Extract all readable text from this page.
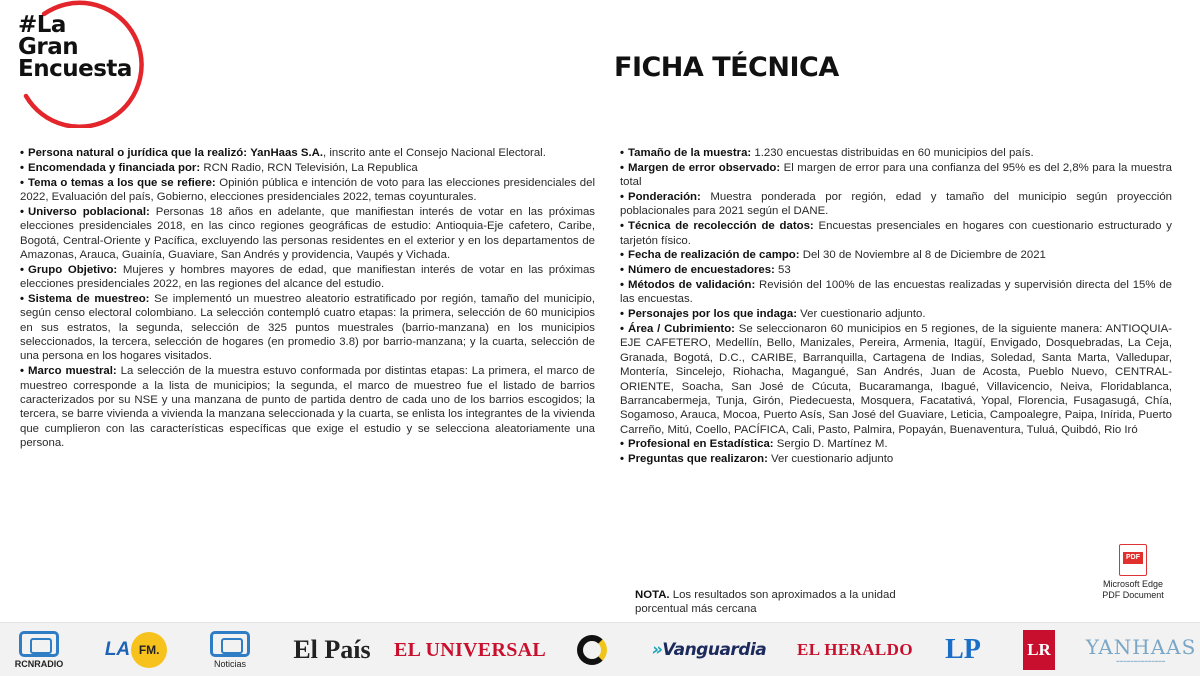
#La
Gran
Encuesta	FICHA TÉCNICA
• Persona natural o jurídica que la realizó: YanHaas S.A., inscrito ante el Consejo Nacional Electoral.
• Encomendada y financiada por: RCN Radio, RCN Televisión, La Republica
• Tema o temas a los que se refiere: Opinión pública e intención de voto para las elecciones presidenciales del 2022, Evaluación del país, Gobierno, elecciones presidenciales 2022, temas coyunturales.
• Universo poblacional: Personas 18 años en adelante, que manifiestan interés de votar en las próximas elecciones presidenciales 2018, en las cinco regiones geográficas de estudio: Antioquia-Eje cafetero, Caribe, Bogotá, Central-Oriente y Pacífica, excluyendo las personas residentes en el exterior y en los departamentos de Amazonas, Arauca, Guainía, Guaviare, San Andrés y providencia, Vaupés y Vichada.
• Grupo Objetivo: Mujeres y hombres mayores de edad, que manifiestan interés de votar en las próximas elecciones presidenciales 2022, en las regiones del alcance del estudio.
• Sistema de muestreo: Se implementó un muestreo aleatorio estratificado por región, tamaño del municipio, según censo electoral colombiano. La selección contempló cuatro etapas: la primera, selección de 60 municipios en sus estratos, la segunda, selección de 325 puntos muestrales (barrio-manzana) en los municipios seleccionados, la tercera, selección de hogares (en promedio 3.8) por barrio-manzana; y la cuarta, selección de una persona en los hogares visitados.
• Marco muestral: La selección de la muestra estuvo conformada por distintas etapas: La primera, el marco de muestreo corresponde a la lista de municipios; la segunda, el marco de muestreo fue el listado de barrios caracterizados por su NSE y una manzana de punto de partida dentro de cada uno de los barrios escogidos; la tercera, se barre vivienda a vivienda la manzana seleccionada y la cuarta, se enlista los integrantes de la vivienda que cumplieron con las características específicas que exige el estudio y se selecciona aleatoriamente una persona.
• Tamaño de la muestra: 1.230 encuestas distribuidas en 60 municipios del país.
• Margen de error observado: El margen de error para una confianza del 95% es del 2,8% para la muestra total
• Ponderación: Muestra ponderada por región, edad y tamaño del municipio según proyección poblacionales para 2021 según el DANE.
• Técnica de recolección de datos: Encuestas presenciales en hogares con cuestionario estructurado y tarjetón físico.
• Fecha de realización de campo: Del 30 de Noviembre al 8 de Diciembre de 2021
• Número de encuestadores: 53
• Métodos de validación: Revisión del 100% de las encuestas realizadas y supervisión directa del 15% de las encuestas.
• Personajes por los que indaga: Ver cuestionario adjunto.
• Área / Cubrimiento: Se seleccionaron 60 municipios en 5 regiones, de la siguiente manera: ANTIOQUIA-EJE CAFETERO, Medellín, Bello, Manizales, Pereira, Armenia, Itagüí, Envigado, Dosquebradas, La Ceja, Granada, Bogotá, D.C., CARIBE, Barranquilla, Cartagena de Indias, Soledad, Santa Marta, Valledupar, Montería, Sincelejo, Riohacha, Magangué, San Andrés, Juan de Acosta, Pueblo Nuevo, CENTRAL-ORIENTE, Soacha, San José de Cúcuta, Bucaramanga, Ibagué, Villavicencio, Neiva, Floridablanca, Barrancabermeja, Tunja, Girón, Piedecuesta, Mosquera, Facatativá, Yopal, Florencia, Fusagasugá, Chía, Sogamoso, Arauca, Mocoa, Puerto Asís, San José del Guaviare, Leticia, Campoalegre, Paipa, Inírida, Puerto Carreño, Mitú, Coello, PACÍFICA, Cali, Pasto, Palmira, Popayán, Buenaventura, Tuluá, Quibdó, Rio Iró
• Profesional en Estadística: Sergio D. Martínez M.
• Preguntas que realizaron: Ver cuestionario adjunto
NOTA. Los resultados son aproximados a la unidad porcentual más cercana
PDF
Microsoft Edge
PDF Document
RCNRADIO
LA FM.
Noticias El País EL UNIVERSAL	»Vanguardia EL HERALDO LP	LR YANHAAS
━━━━━━━━━━━━━━
